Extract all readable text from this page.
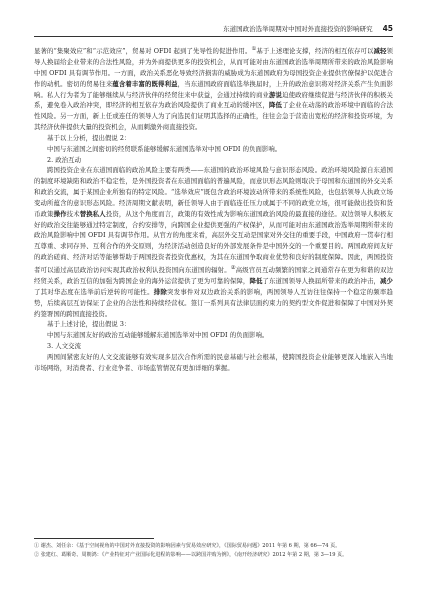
东道国政治选举周期对中国对外直接投资的影响研究 45

显著的“集聚效应”和“示范效应”，贸易对 OFDI 起到了先导性的促进作用。①基于上述理论支撑，经济的相互依存可以减轻领导人换届给企业带来的合法性风险，并为外商提供更多的投资机会，从而可能对由东道国政治选举周期所带来的政治风险影响中国 OFDI 具有调节作用。一方面，政治关系恶化导致经济损害的威胁成为东道国政府为母国投资企业提供官僚保护以促进合作的动机。密切的贸易往来蕴含着丰富的既得利益，当东道国政府面临选举换届时，上升的政治意识将对经济关系产生负面影响。私人行为者为了能够继续从与经济伙伴的经贸往来中获益，会通过持续的商业游说迫使政府继续促进与经济伙伴的积极关系，避免卷入政治冲突，即经济的相互依存为政治风险提供了商业互动的缓冲区，降低了企业在动荡的政治环境中面临的合法性风险。另一方面，新上任或连任的领导人为了向选民们证明其选择的正确性，往往会急于营造出宽松的经济和投资环境，为其经济伙伴提供大量的投资机会，从而刺激外商直接投资。

基于以上分析，提出假说 2：

中国与东道国之间密切的经贸联系能够缓解东道国选举对中国 OFDI 的负面影响。

2. 政治互动

跨国投资企业在东道国面临的政治风险主要有两类——东道国的政治环境风险与意识形态风险。政治环境风险源自东道国的制度环境缺陷和政治不稳定性，是外国投资者在东道国面临的普遍风险，而意识形态风险则取决于母国和东道国的外交关系和政治交流，属于某国企业所独有的特定风险。“选举效应”既包含政治环境波动所带来的系统性风险，也包括领导人执政立场变动所蕴含的意识形态风险。经济周期文献表明，新任领导人由于面临连任压力或属于不同的政党立场，很可能做出投资和货币政策操作技术替换私人投资，从这个角度而言，政策的有效性成为影响东道国政治风险的最直接的途径。双边领导人积极友好的政治交往能够通过特定制度，合约安排等，向跨国企业提供更强的产权保护，从而可能对由东道国政治选举周期所带来的政治风险影响中国 OFDI 具有调节作用。从官方的角度来看，高层外交互动是国家对外交往的重要手段，中国政府一贯奉行相互尊重、求同存异、互利合作的外交原则，为经济活动创造良好的外部发展条件是中国外交的一个重要目的。两国政府间友好的政治磋商、经济对话等能够帮助于两国投资者投资优惠权，为其在东道国争取商业优势和良好的制度保障。因此，两国投资者可以通过高层政治访问实现其政治权利认投资国向东道国的辐射。②高级官员互动频繁的国家之间通常存在更为和谐的双边经贸关系，政治互信的加强为跨国企业的海外运营提供了更为可靠的保障，降低了东道国领导人换届所带来的政治冲击，减少了其对华态度在选举前后逆转的可能性。排除突发事件对双边政治关系的影响，两国领导人互访往往保持一个稳定的频率趋势，后续高层互访保证了企业的合法性和持续经营权。签订一系列具有法律层面约束力的契约型文件促进和保障了中国对外契约签署国的跨国直接投资。

基于上述讨论，提出假说 3：

中国与东道国友好的政治互动能够缓解东道国选举对中国 OFDI 的负面影响。

3. 人文交流

两国间紧密友好的人文交流能够有效实现多层次合作所需的民意基础与社会根基，使跨国投资企业能够更深入地嵌入当地市场网络，对消费者、行业竞争者、市场监管情况有更加详细的掌握。

① 谢杰、刘任余：《基于空间视角的中国对外直接投资的影响因素与贸易效应研究》，《国际贸易问题》2011 年第 6 期，第 66—74 页。

② 张建红、葛顺奇、周朝鸿：《产业特征对产业国际化进程的影响——以跨国并购为例》，《南开经济研究》2012 年第 2 期，第 3—19 页。
